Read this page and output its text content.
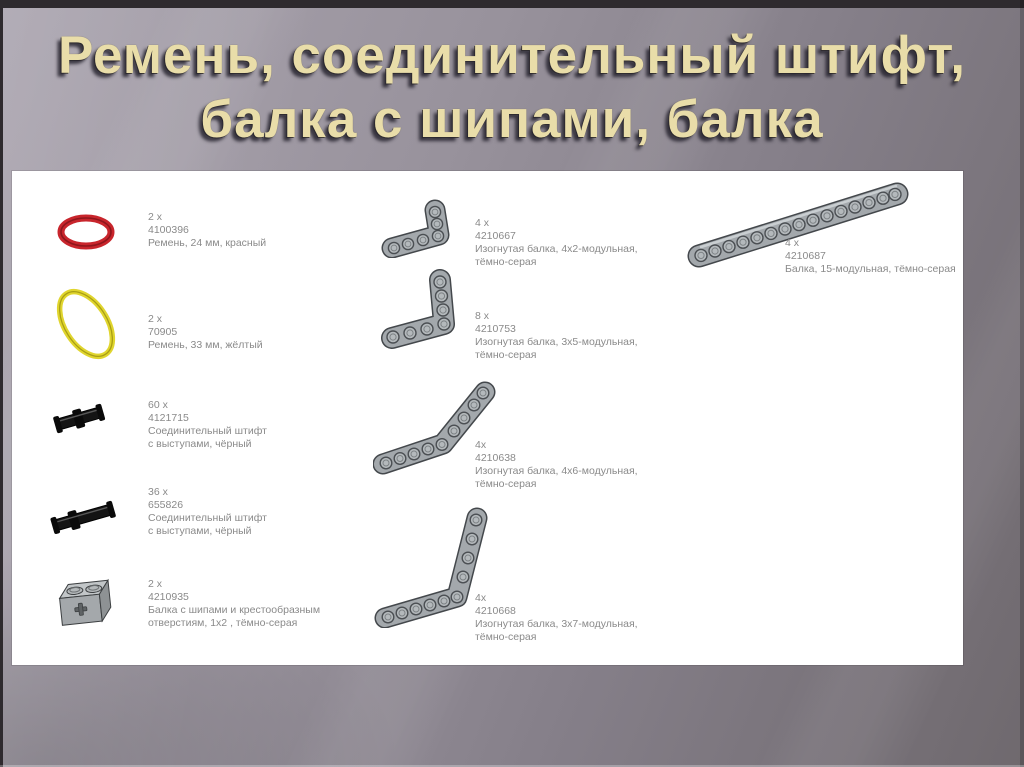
Ремень, соединительный штифт,
балка с шипами, балка
2 x
4100396
Ремень, 24 мм, красный
2 x
70905
Ремень, 33 мм, жёлтый
60 x
4121715
Соединительный штифт с выступами, чёрный
36 x
655826
Соединительный штифт с выступами, чёрный
2 x
4210935
Балка с шипами и крестообразным отверстиям, 1х2 , тёмно-серая
4 x
4210667
Изогнутая балка, 4х2-модульная, тёмно-серая
8 x
4210753
Изогнутая балка, 3х5-модульная, тёмно-серая
4x
4210638
Изогнутая балка, 4х6-модульная, тёмно-серая
4x
4210668
Изогнутая балка, 3х7-модульная, тёмно-серая
4 x
4210687
Балка, 15-модульная, тёмно-серая
